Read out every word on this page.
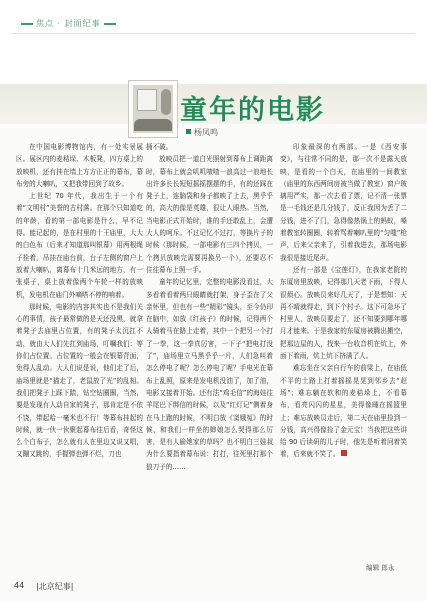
焦点 · 封面纪事
童年的电影
杨凤鸣

在中国电影博物馆内，有一处实景展区。展区内的麦秸垛、木板凳，四方桌上的放映机，还有挂在墙上方方正正的幕布，幕布旁的大喇叭，又把我带回到了故乡。

上世纪 70 年代，我出生于一个有着“文明村”美誉的古村落。在那个只知道吃的年龄，看的第一部电影是什么，早不记得。能记起的，是在村里的十王庙里，大大的白色布（后来才知道那叫银幕）用两根绳子拴着，吊挂在庙台前，台子左侧的窗户上放着大喇叭，离幕布十几米远的地方，有一张桌子，桌上放着像两个车轮一样的放映机，发电机在庙门外嘀嗒不停的响着。

那时候，电影的内容其实也不是我们关心的事情，孩子最常做的是天还没黑，就拿着凳子去庙里占位置，有的凳子太沉扛不动，就由大人们先扛到庙场，叮嘱我们：等你们占位置。占位置的一般会在银幕背面，免得人乱动。大人们说是说，他们走了后，庙场里就是“猫走了，老鼠放了光”的乱相。我们把凳子上踩下踏，钻空钻圈圈，当然，要是发现有人动自家的凳子，那肯定是不依不饶，带起哈一毫米也不行！等幕布挂起的时候，就一伙一伙聚起幕布往后看，奇怪这么个白布子，怎么就有人在里边又说又唱，又蹦又跳的，手握弹也弹不烂，刀也

捅不破。

放映员把一道白光照射到幕布上调距离时，幕布上就会叽叽喳喳一浪高过一浪地长出许多长长短短摇摇摆摆的手，有的还踩在凳子上，连脑袋和身子都映了上去，黑乎乎的，高大的像是英雄，很让人眼热。当然，当电影正式开始时，谁的手还敢乱上，会遭大人的呵斥。不过记忆不过打，等换片子的时候（那时候，一部电影有三四个拷贝，一个拷贝放映完需要再换另一个），还要忍不住往幕布上照一手。

童年的记忆里，完整的电影没看过，大多看着看着两只眼睛就打架，身子歪在了父亲怀里，但也有一些“精彩”镜头，至今仍印在脑中，如放《红孩子》的时候，记得两个人骑着马在路上走着，其中一个把另一个打了一拳，这一拳真厉害，一下子“把电打没了”，庙场里立马黑乎乎一片，人们急叫着怎么停电了呢？怎么停电了呢？手电光在幕布上乱照，原来是发电机没油了，加了油，电影又接着开始。还有法“鸡毛信”的海娃往羊尾巴下绑信的时候，以及“红灯记”侧着身在马上跑的时候，不明白放《窦娥冤》的时候，和我们一样坐的婶娘怎么哭得那么厉害，是有人偷她家的草吗？也不明白三娃叔为什么要指着幕布说：打打，往死里打那个狼刀子的……

印象最深的有两部。一是《西安事变》，与往常不同的是，那一次不是露天放映，是看的一个白天，在庙里的一间教室（庙里的东西两间房被当做了教室）窗户玻璃用严实，那一次去看了票，记不清一张票是一毛钱还是几分钱了，反正我因为丢了二分钱，进不了门，急得像热锅上的蚂蚁，嗓着教室转圈圈，转着骂着喇叭里的“匀嗤”枪声，后来父亲来了，引着我进去，那场电影我很是接近尾声。

还有一部是《宝莲灯》，在我家老院的东厦房里放映，记得那几天老下雨，下得人很烦心。放映员来好几天了，于是想知：天再不晴就得走，到下个村子。这下可急坏了村里人，放映员要走了，还不知要到哪年哪月才能来。于是我家的东厦房被腾出搬空，把那边屋的人，找来一台收音机在炕上，外面下着雨，炕上炕下挤满了人。

难忘坐在父亲自行车的前梁上，在庙低不平的土路上打着摇摇晃晃到邻乡去“赶场”；难忘躺在软和的麦秸垛上，不看幕布，看亮闪闪的星星，美得像睡在摇篮里上；难忘放映员走后，第二天在庙里捡到一分钱，高兴得像捡了金元宝！当我把这些讲给 90 后读研的儿子时，他先是听着问着笑着，后来就不笑了。

编辑 郎永
44 |北京纪事|
